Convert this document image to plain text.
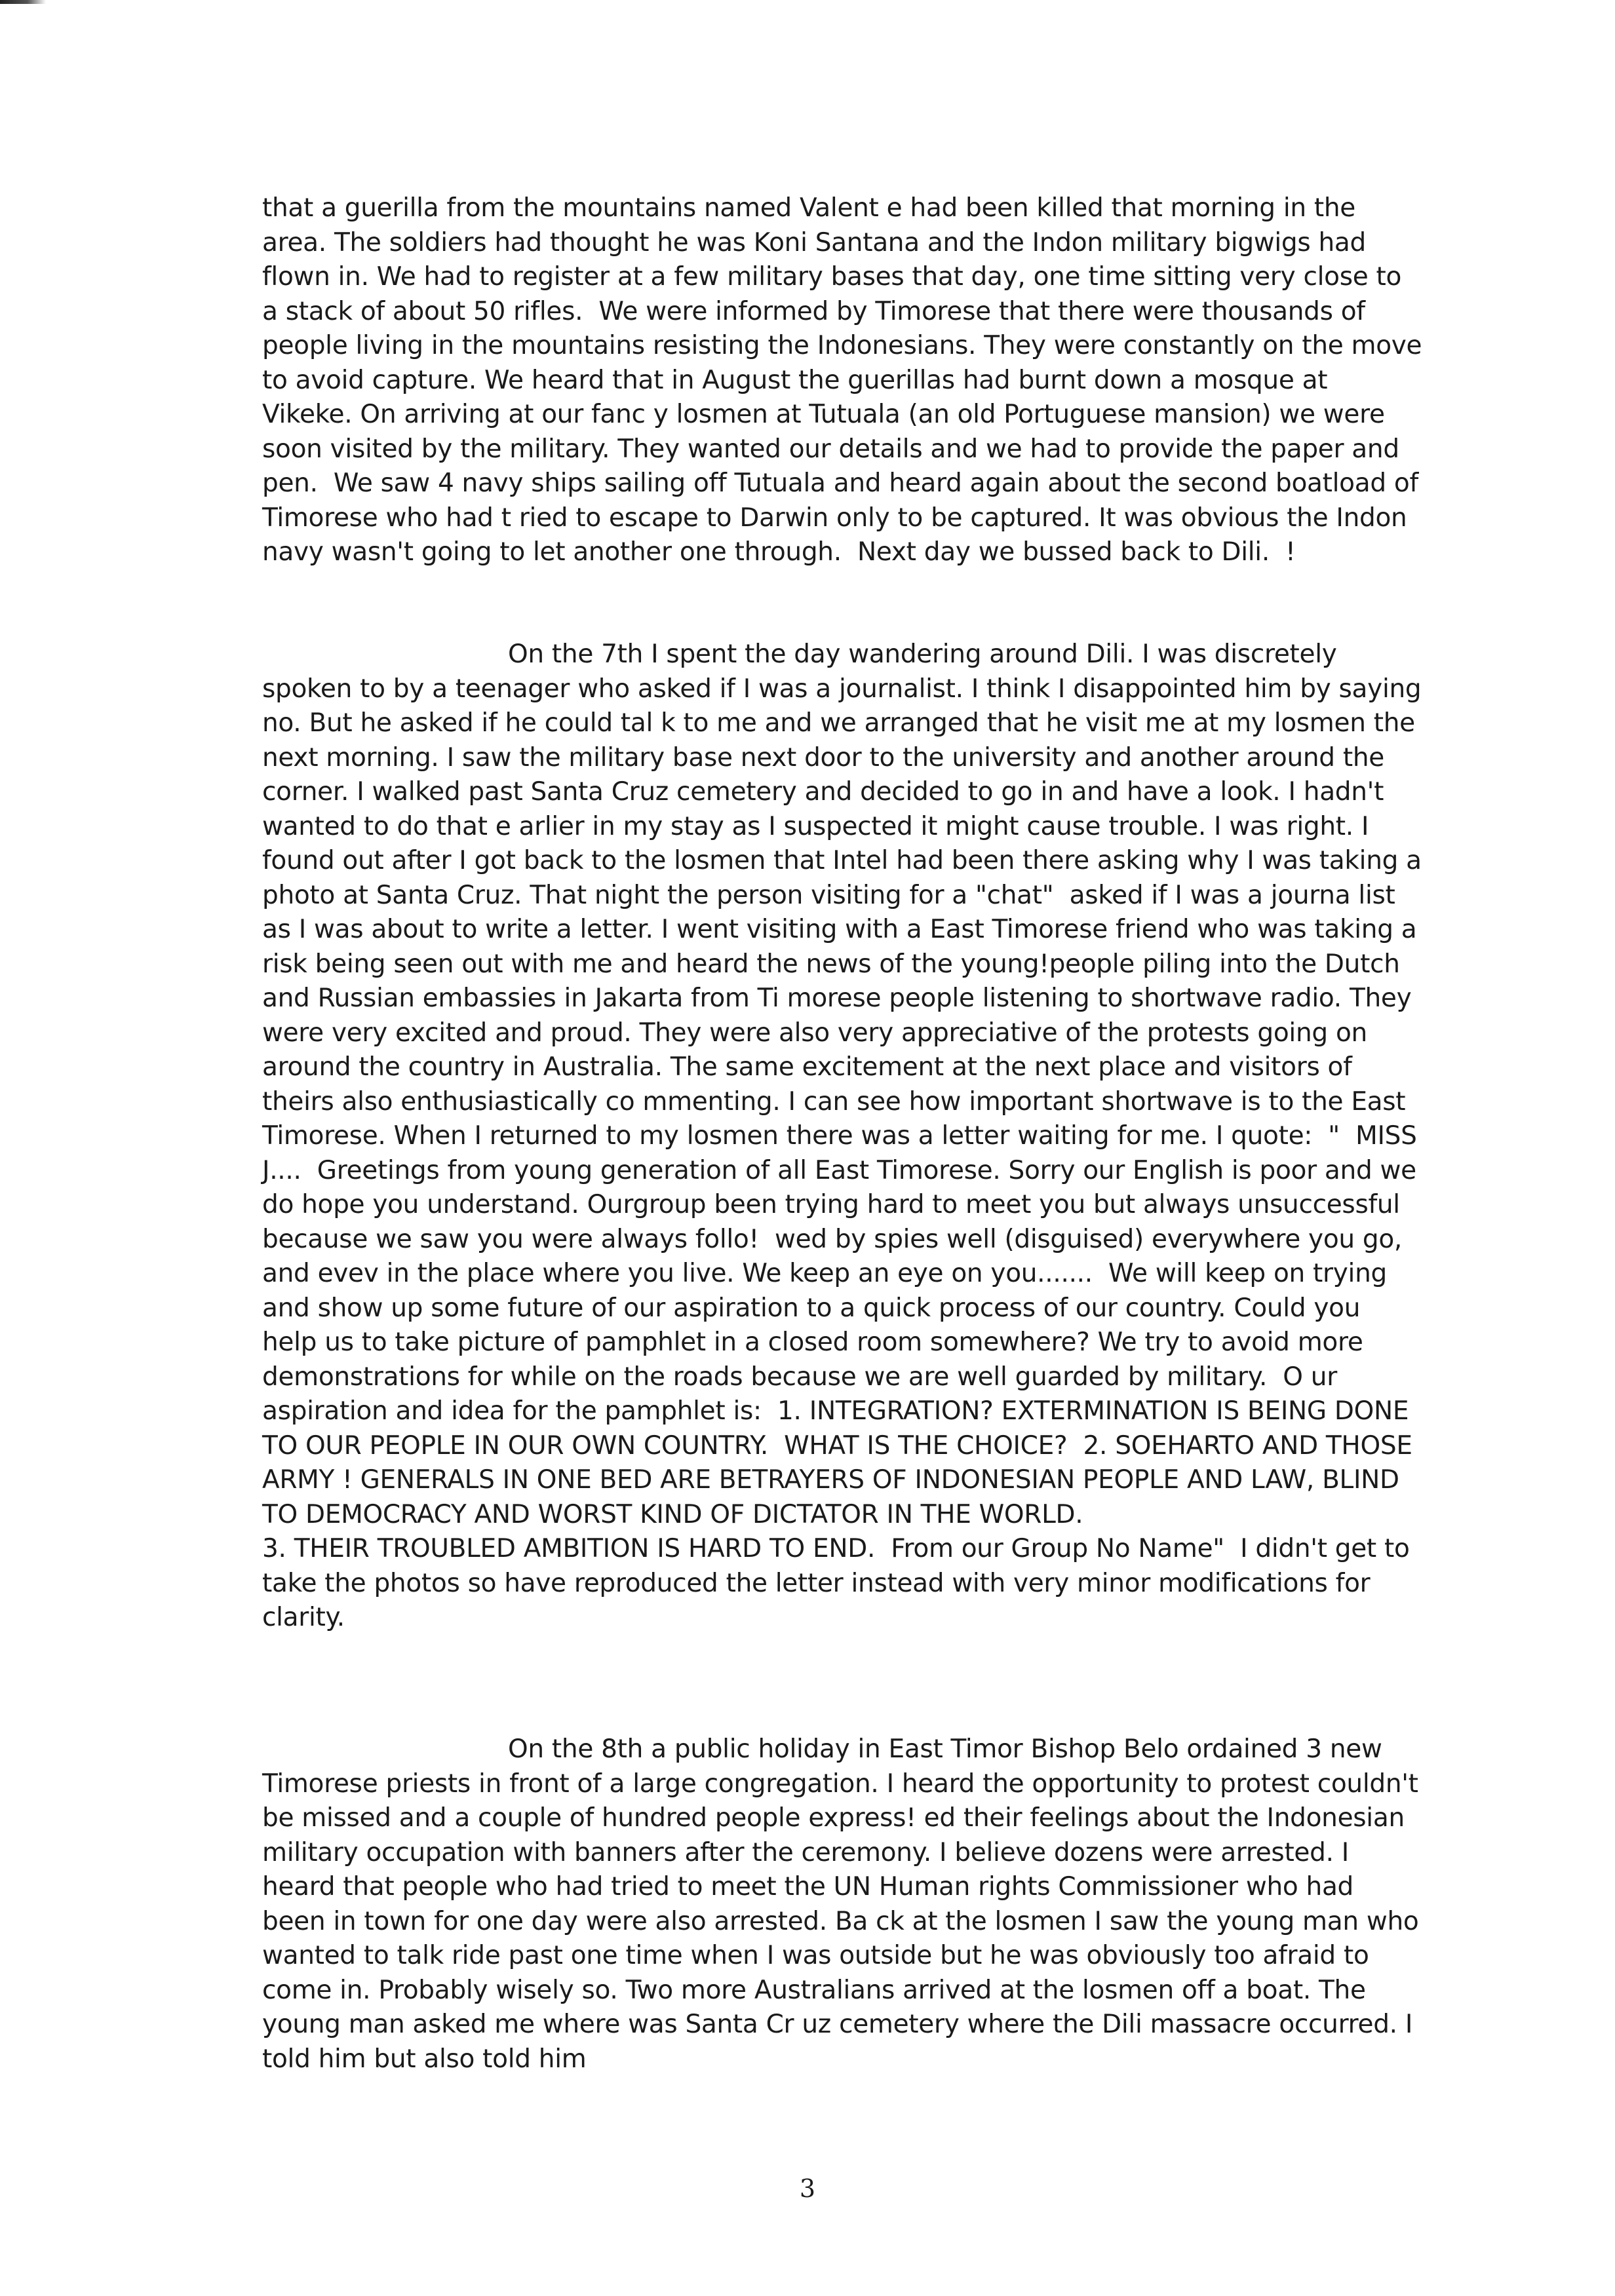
that a guerilla from the mountains named Valent e had been killed that morning in the area. The soldiers had thought he was Koni Santana and the Indon military bigwigs had flown in. We had to register at a few military bases that day, one time sitting very close to a stack of about 50 rifles.  We were informed by Timorese that there were thousands of people living in the mountains resisting the Indonesians. They were constantly on the move to avoid capture. We heard that in August the guerillas had burnt down a mosque at Vikeke. On arriving at our fanc y losmen at Tutuala (an old Portuguese mansion) we were soon visited by the military. They wanted our details and we had to provide the paper and pen.  We saw 4 navy ships sailing off Tutuala and heard again about the second boatload of Timorese who had t ried to escape to Darwin only to be captured. It was obvious the Indon navy wasn't going to let another one through.  Next day we bussed back to Dili.  !

On the 7th I spent the day wandering around Dili. I was discretely spoken to by a teenager who asked if I was a journalist. I think I disappointed him by saying no. But he asked if he could tal k to me and we arranged that he visit me at my losmen the next morning. I saw the military base next door to the university and another around the corner. I walked past Santa Cruz cemetery and decided to go in and have a look. I hadn't wanted to do that e arlier in my stay as I suspected it might cause trouble. I was right. I found out after I got back to the losmen that Intel had been there asking why I was taking a photo at Santa Cruz. That night the person visiting for a "chat"  asked if I was a journa list as I was about to write a letter. I went visiting with a East Timorese friend who was taking a risk being seen out with me and heard the news of the young!people piling into the Dutch and Russian embassies in Jakarta from Ti morese people listening to shortwave radio. They were very excited and proud. They were also very appreciative of the protests going on around the country in Australia. The same excitement at the next place and visitors of theirs also enthusiastically co mmenting. I can see how important shortwave is to the East Timorese. When I returned to my losmen there was a letter waiting for me. I quote:  "  MISS J....  Greetings from young generation of all East Timorese. Sorry our English is poor and we do hope you understand. Ourgroup been trying hard to meet you but always unsuccessful because we saw you were always follo!  wed by spies well (disguised) everywhere you go, and evev in the place where you live. We keep an eye on you.......  We will keep on trying and show up some future of our aspiration to a quick process of our country. Could you help us to take picture of pamphlet in a closed room somewhere? We try to avoid more demonstrations for while on the roads because we are well guarded by military.  O ur aspiration and idea for the pamphlet is:  1. INTEGRATION? EXTERMINATION IS BEING DONE TO OUR PEOPLE IN OUR OWN COUNTRY.  WHAT IS THE CHOICE?  2. SOEHARTO AND THOSE ARMY ! GENERALS IN ONE BED ARE BETRAYERS OF INDONESIAN PEOPLE AND LAW, BLIND TO DEMOCRACY AND WORST KIND OF DICTATOR IN THE WORLD.
3. THEIR TROUBLED AMBITION IS HARD TO END.  From our Group No Name"  I didn't get to take the photos so have reproduced the letter instead with very minor modifications for clarity.

On the 8th a public holiday in East Timor Bishop Belo ordained 3 new Timorese priests in front of a large congregation. I heard the opportunity to protest couldn't be missed and a couple of hundred people express! ed their feelings about the Indonesian military occupation with banners after the ceremony. I believe dozens were arrested. I heard that people who had tried to meet the UN Human rights Commissioner who had been in town for one day were also arrested. Ba ck at the losmen I saw the young man who wanted to talk ride past one time when I was outside but he was obviously too afraid to come in. Probably wisely so. Two more Australians arrived at the losmen off a boat. The young man asked me where was Santa Cr uz cemetery where the Dili massacre occurred. I told him but also told him

3
